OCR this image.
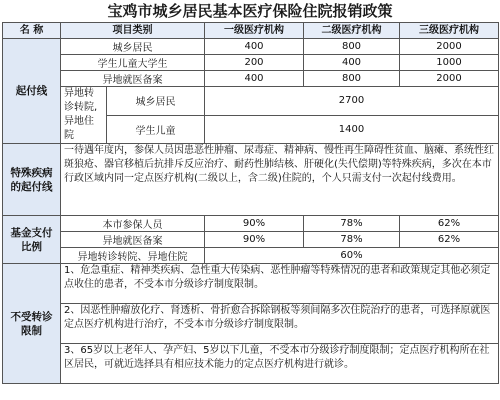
宝鸡市城乡居民基本医疗保险住院报销政策
名 称	项目类别		一级医疗机构	二级医疗机构	三级医疗机构
起付线	城乡居民		400	800	2000
	学生儿童大学生		200	400	1000
	异地就医备案		400	800	2000
	异地转诊转院,异地住院	城乡居民	2700		
		学生儿童	1400		
特殊疾病的起付线	一待遇年度内，参保人员因患恶性肿瘤、尿毒症、精神病、慢性再生障碍性贫血、脑瘫、系统性红斑狼疮、器官移植后抗排斥反应治疗、耐药性肺结核、肝硬化(失代偿期)等特殊疾病，多次在本市行政区域内同一定点医疗机构(二级以上，含二级)住院的，个人只需支付一次起付线费用。				
基金支付比例	本市参保人员		90%	78%	62%
	异地就医备案		90%	78%	62%
	异地转诊转院、异地住院		60%		
不受转诊限制	1、危急重症、精神类疾病、急性重大传染病、恶性肿瘤等特殊情况的患者和政策规定其他必须定点收住的患者，不受本市分级诊疗制度限制。				
	2、因恶性肿瘤放化疗、肾透析、骨折愈合拆除钢板等须间隔多次住院治疗的患者，可选择原就医定点医疗机构进行治疗，不受本市分级诊疗制度限制。				
	3、65岁以上老年人、孕产妇、5岁以下儿童，不受本市分级诊疗制度限制；定点医疗机构所在社区居民，可就近选择具有相应技术能力的定点医疗机构进行就诊。				
